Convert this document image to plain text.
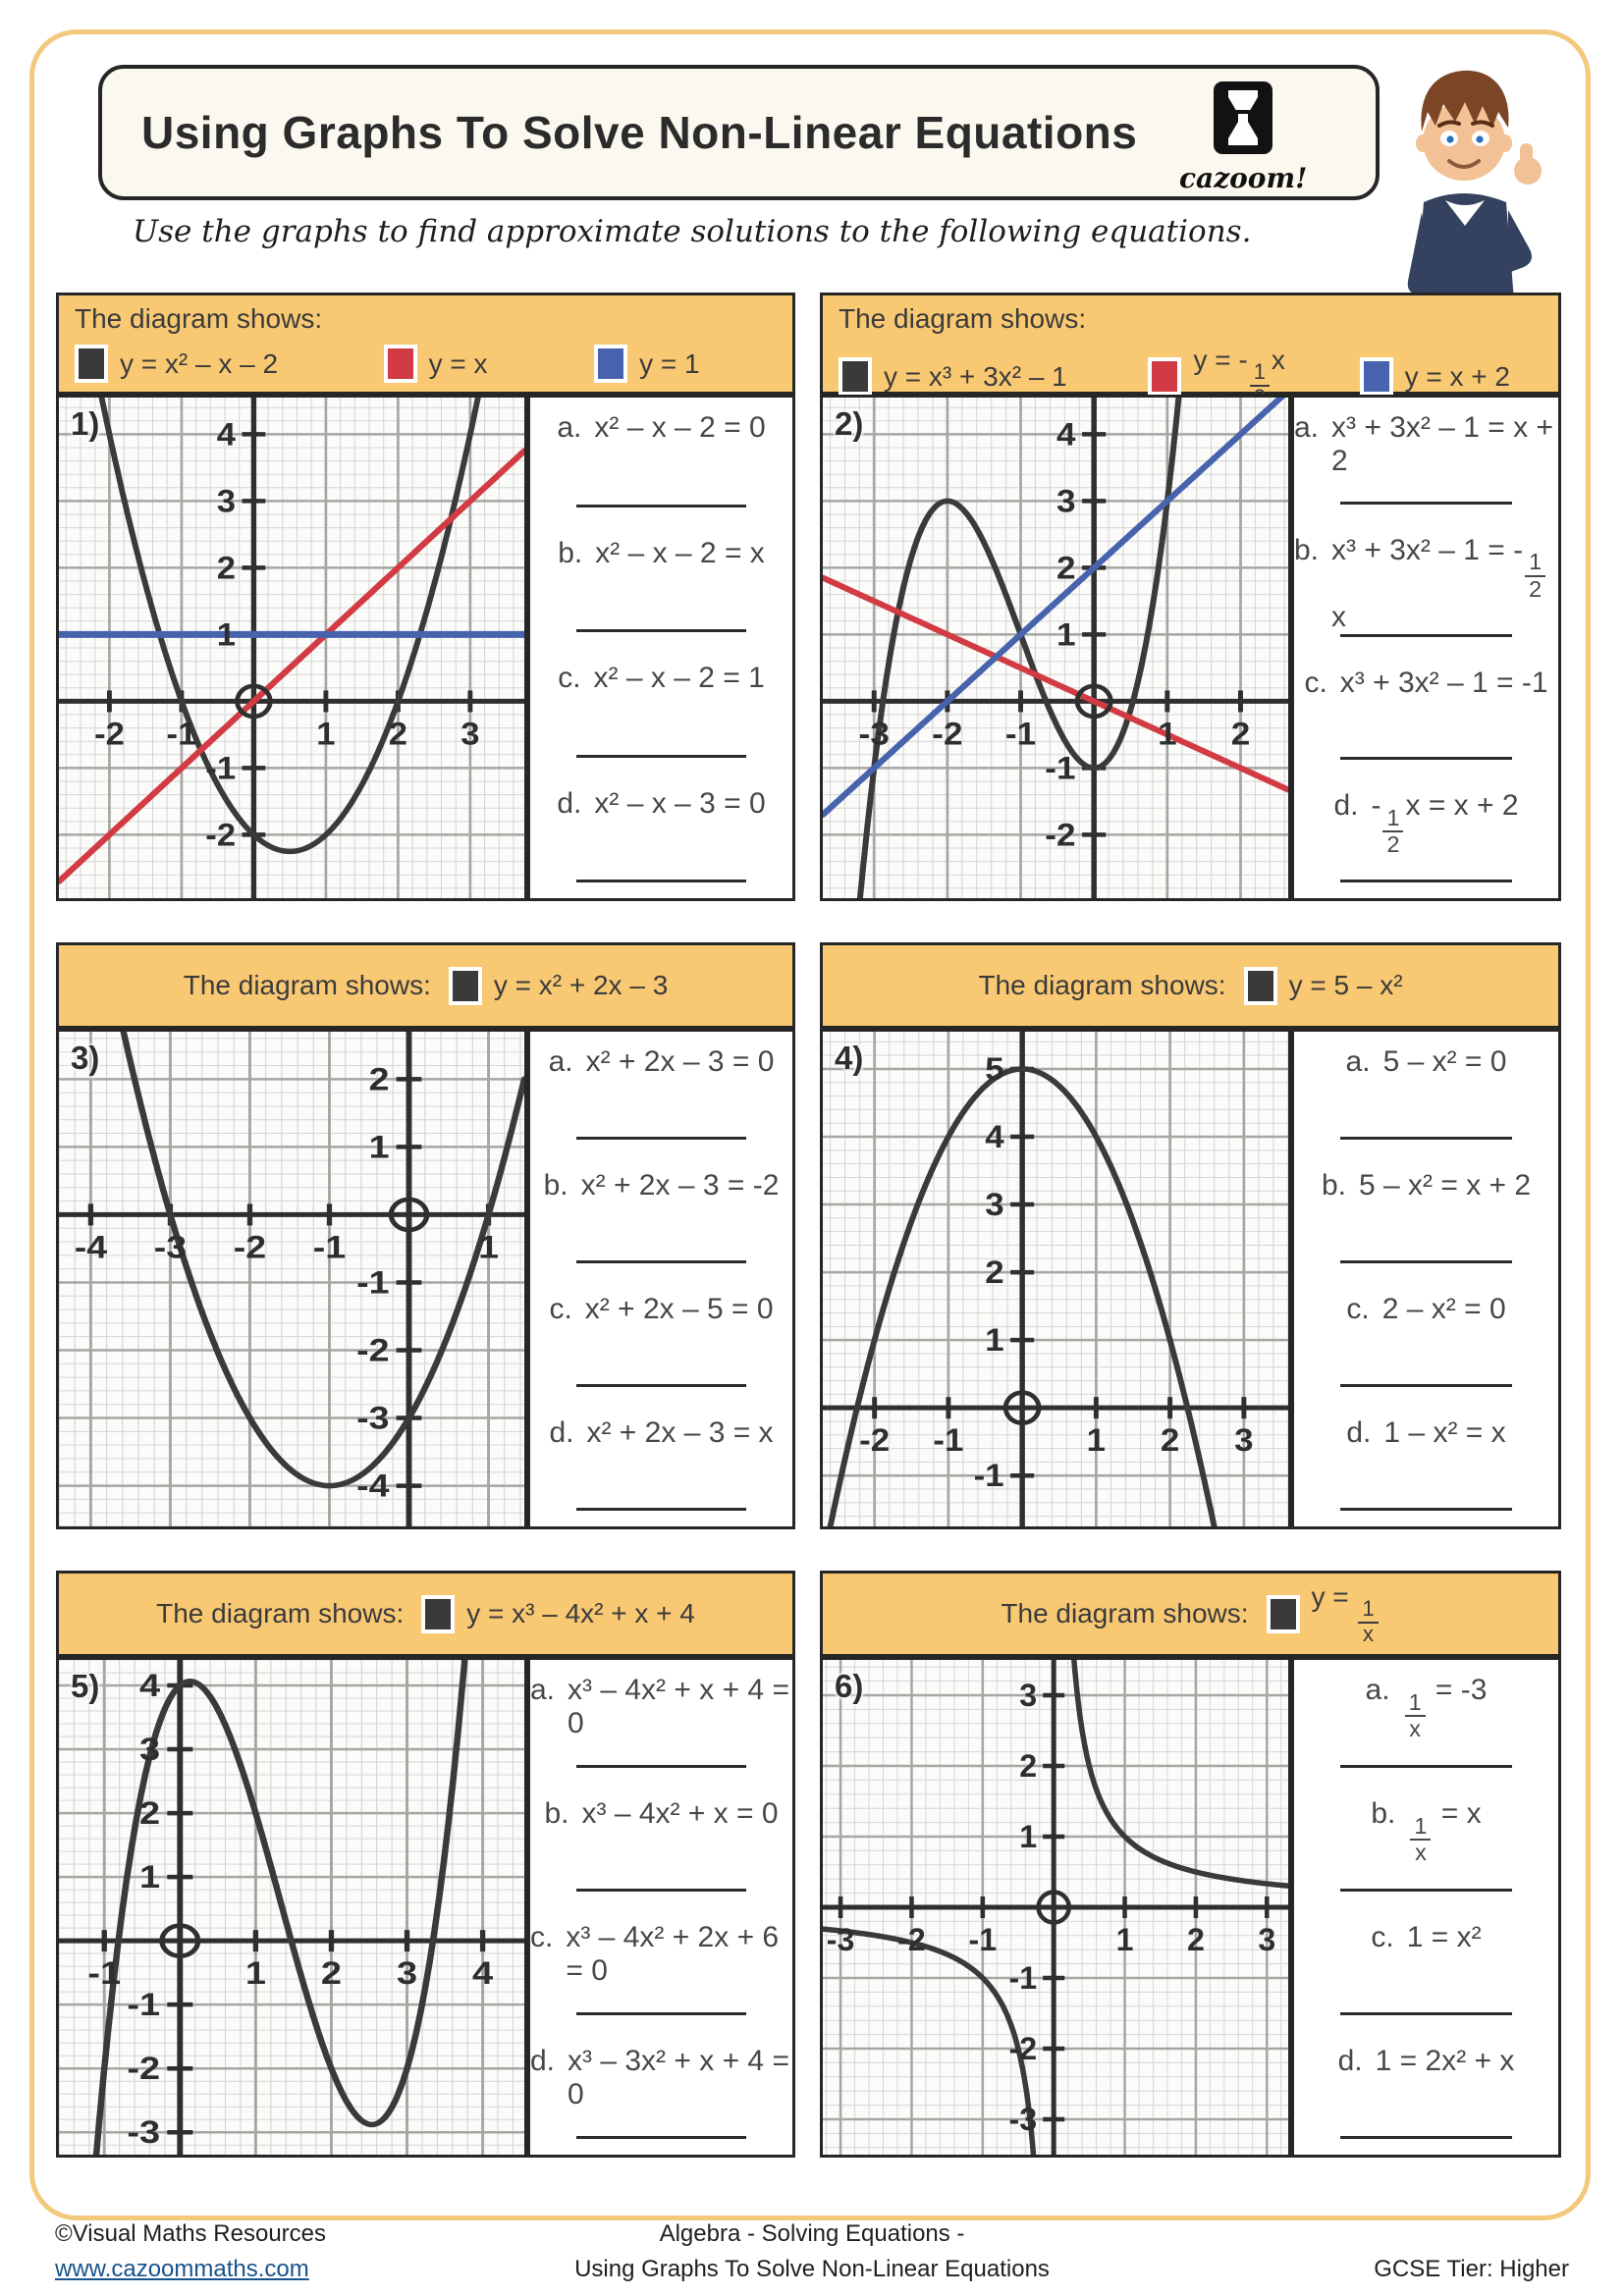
Using Graphs To Solve Non-Linear Equations
cazoom!

Use the graphs to find approximate solutions to the following equations.

The diagram shows:
y = x² – x – 2	y = x	y = 1
-2 -1	1 2 3
-2
-1
1
2
3
4
1)	a. x² – x – 2 = 0
b. x² – x – 2 = x
c. x² – x – 2 = 1
d. x² – x – 3 = 0
The diagram shows:
y = x³ + 3x² – 1
y = - 1 x
y = x + 2
-3 -2 -1	1 2
-2
-1
1
2
3
4
2)	a. x³ + 3x² – 1 = x + 2
b. x³ + 3x² – 1 = -
$\frac{1}{2}$
x
c. x³ + 3x² – 1 = -1
d. -
$\frac{1}{2}$
x = x + 2
The diagram shows: y = x² + 2x – 3
-4 -3 -2 -1	1
-4
-3
-2
-1
1
2
3)	a. x² + 2x – 3 = 0
b. x² + 2x – 3 = -2
c. x² + 2x – 5 = 0
d. x² + 2x – 3 = x
The diagram shows: y = 5 – x²
-2 -1	1 2 3
-1
1
2
3
4
5
4)	a. 5 – x² = 0
b. 5 – x² = x + 2
c. 2 – x² = 0
d. 1 – x² = x
The diagram shows: y = x³ – 4x² + x + 4
-1	1 2 3 4
-3
-2
-1
1
2
3
4
5)	a. x³ – 4x² + x + 4 = 0
b. x³ – 4x² + x = 0
c. x³ – 4x² + 2x + 6 = 0
d. x³ – 3x² + x + 4 = 0
The diagram shows:
y =
$\frac{1}{x}$
-3 -2 -1	1 2 3
-3
-2
-1
1
2
3
6)	a.
$\frac{1}{x}$
= -3
b.
$\frac{1}{x}$
= x
c. 1 = x²
d. 1 = 2x² + x
©Visual Maths Resources
www.cazoommaths.com
Algebra - Solving Equations -
Using Graphs To Solve Non-Linear Equations	GCSE Tier: Higher
